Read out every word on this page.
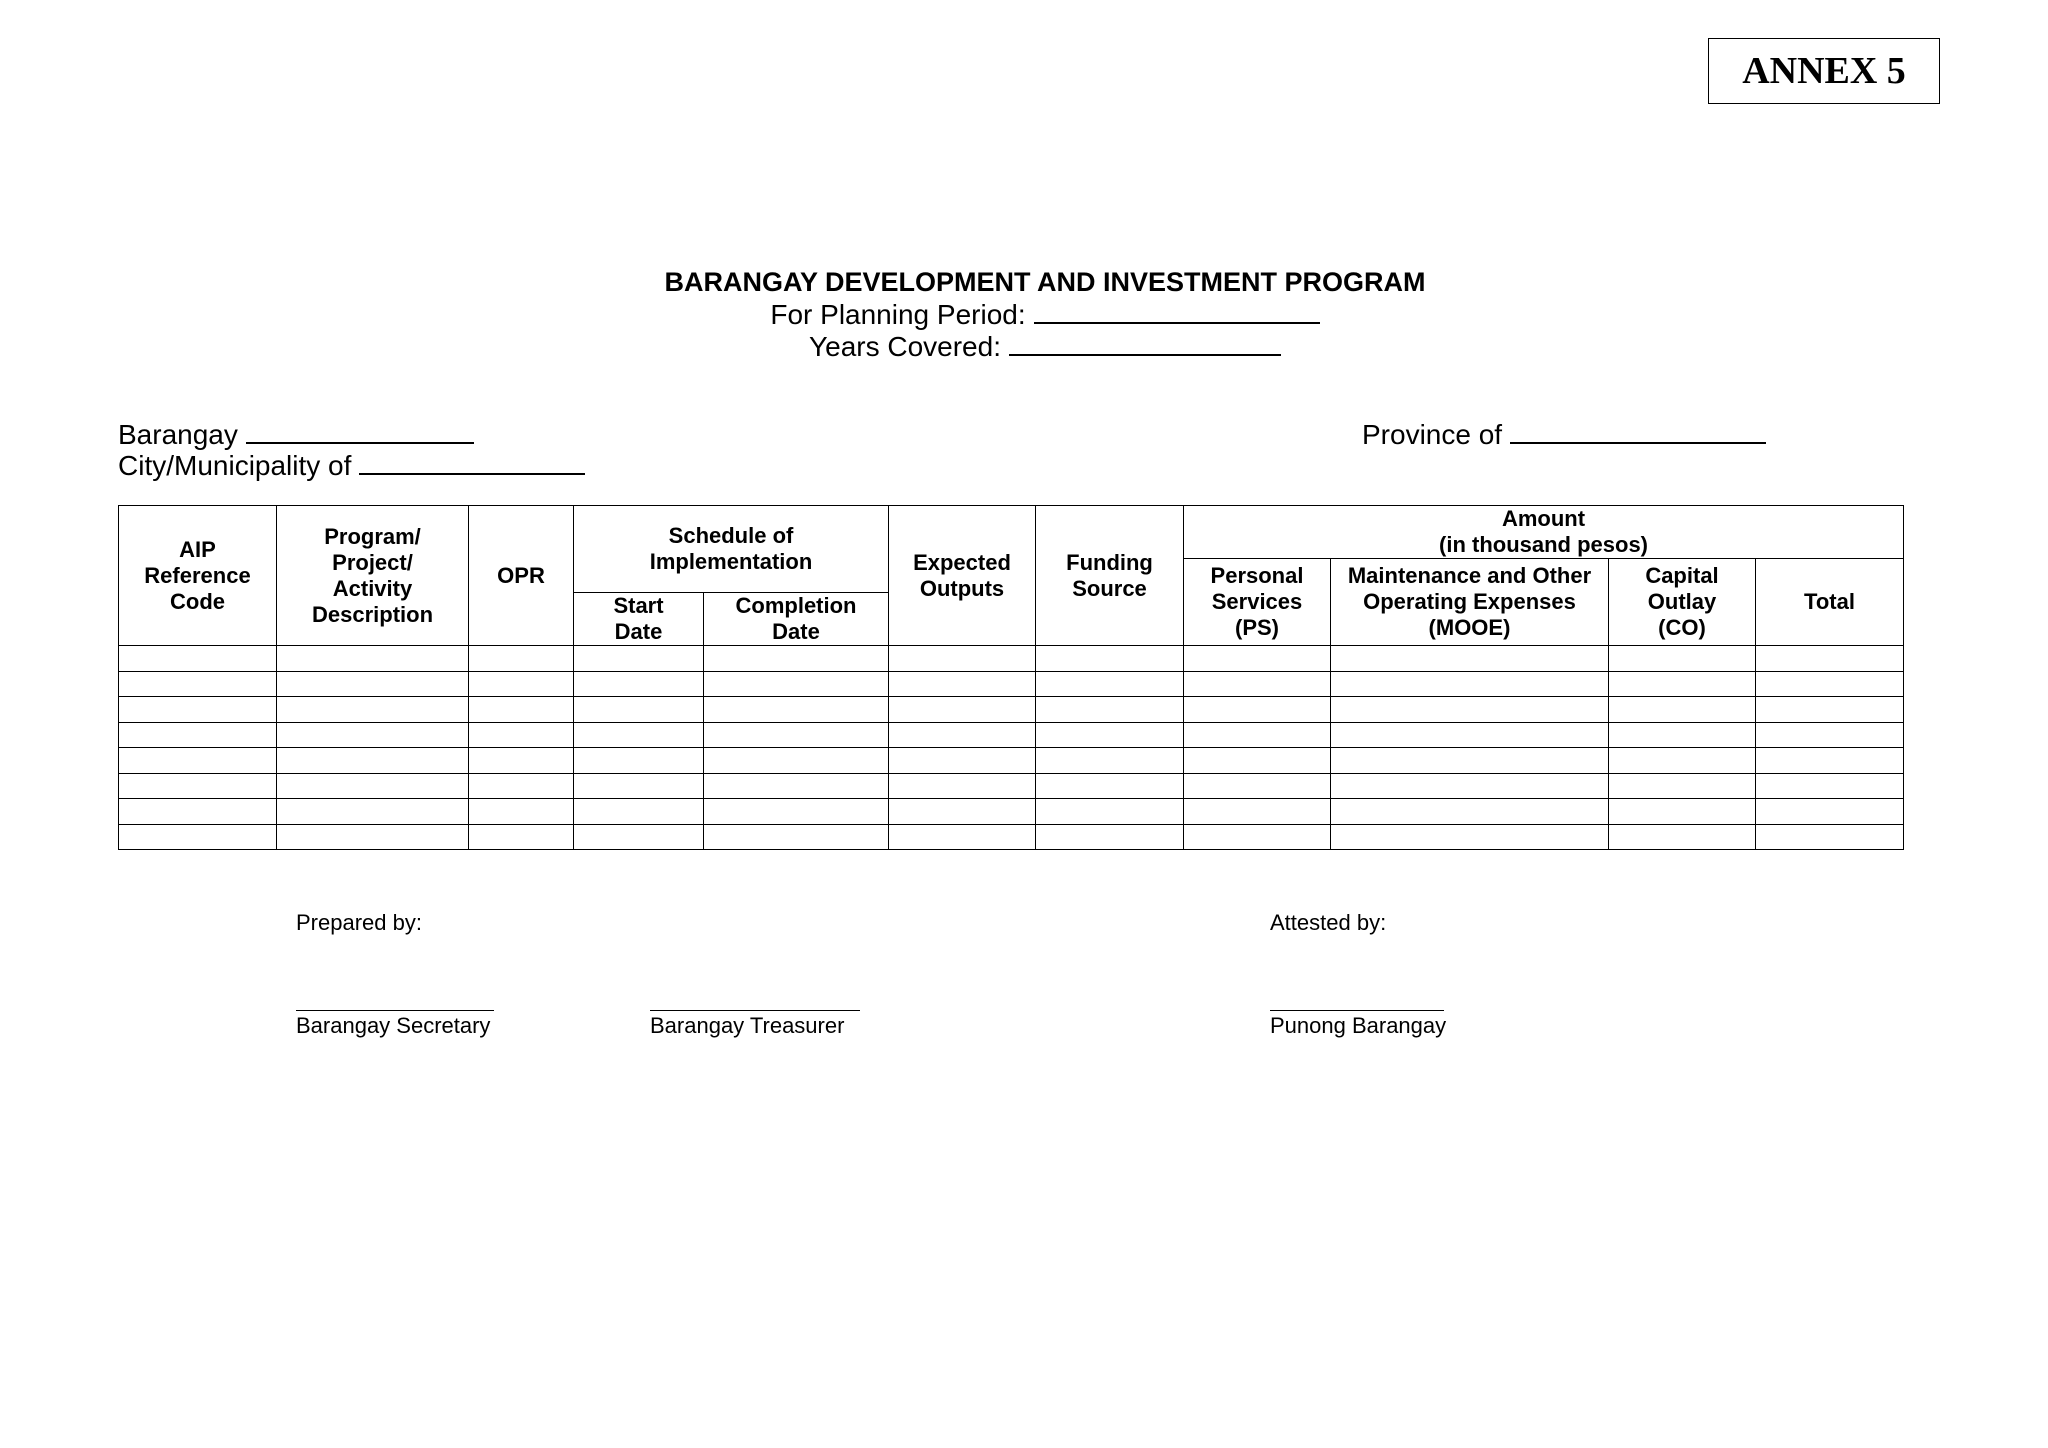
ANNEX 5
BARANGAY DEVELOPMENT AND INVESTMENT PROGRAM
For Planning Period:
Years Covered:
Barangay
City/Municipality of
Province of
AIP Reference Code	Program/ Project/ Activity Description	OPR	Schedule of Implementation		Expected Outputs	Funding Source	Amount
(in thousand pesos)			

							Personal Services (PS)	Maintenance and Other Operating Expenses (MOOE)	Capital Outlay (CO)	Total
			Start Date	Completion Date						

Prepared by:	Attested by:
Barangay Secretary	Barangay Treasurer	Punong Barangay
